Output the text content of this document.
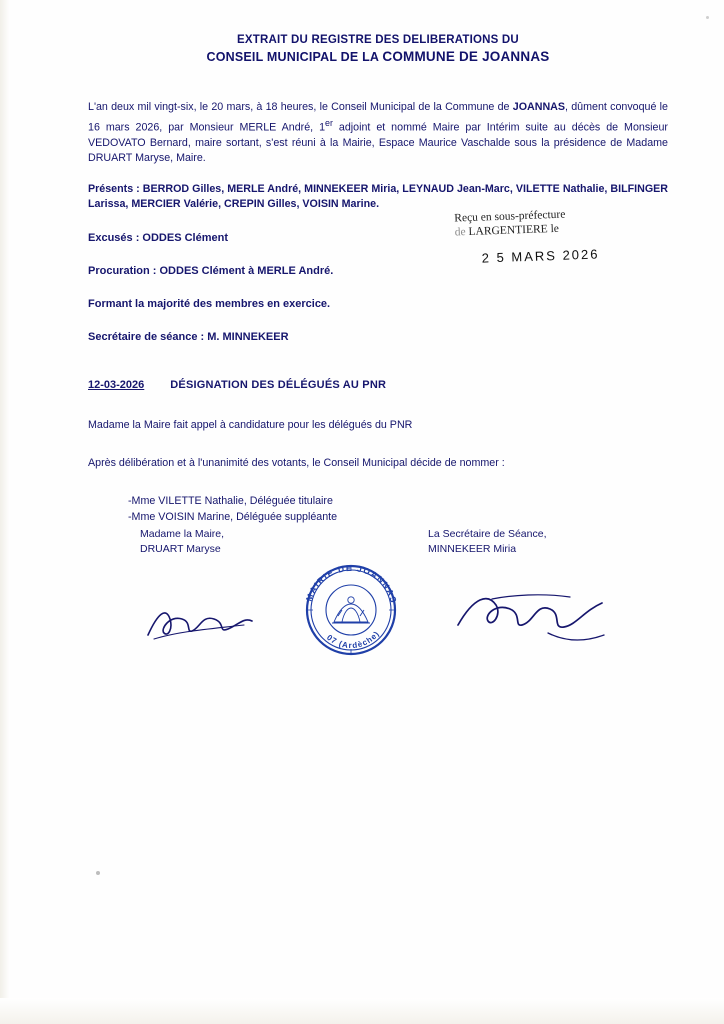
EXTRAIT DU REGISTRE DES DELIBERATIONS DU
CONSEIL MUNICIPAL DE LA COMMUNE DE JOANNAS
L'an deux mil vingt-six, le 20 mars, à 18 heures, le Conseil Municipal de la Commune de JOANNAS, dûment convoqué le 16 mars 2026, par Monsieur MERLE André, 1er adjoint et nommé Maire par Intérim suite au décès de Monsieur VEDOVATO Bernard, maire sortant, s'est réuni à la Mairie, Espace Maurice Vaschalde sous la présidence de Madame DRUART Maryse, Maire.
Présents : BERROD Gilles, MERLE André, MINNEKEER Miria, LEYNAUD Jean-Marc, VILETTE Nathalie, BILFINGER Larissa, MERCIER Valérie, CREPIN Gilles, VOISIN Marine.
Excusés : ODDES Clément
Procuration : ODDES Clément à MERLE André.
Formant la majorité des membres en exercice.
Secrétaire de séance : M. MINNEKEER
12-03-2026 DÉSIGNATION DES DÉLÉGUÉS AU PNR
Madame la Maire fait appel à candidature pour les délégués du PNR
Après délibération et à l'unanimité des votants, le Conseil Municipal décide de nommer :
-Mme VILETTE Nathalie, Déléguée titulaire
-Mme VOISIN Marine, Déléguée suppléante
Reçu en sous-préfecture
de LARGENTIERE le
2 5 MARS 2026
Madame la Maire,
DRUART Maryse
La Secrétaire de Séance,
MINNEKEER Miria
MAIRIE DE JOANNAS
07 (Ardèche)
